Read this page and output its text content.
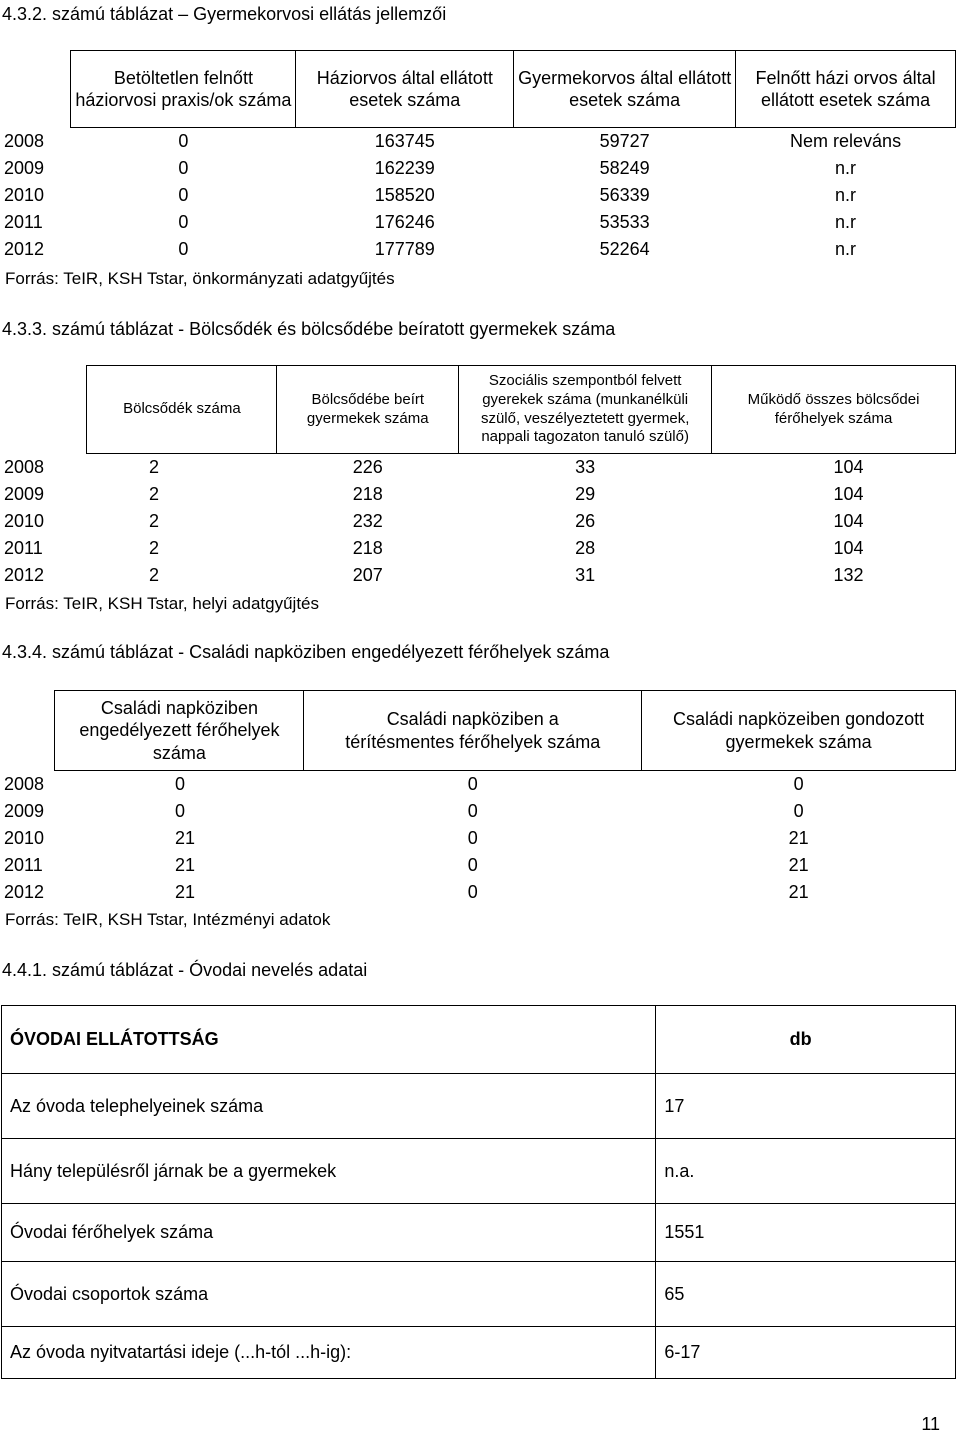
4.3.2. számú táblázat – Gyermekorvosi ellátás jellemzői
	Betöltetlen felnőtt háziorvosi praxis/ok száma	Háziorvos által ellátott esetek száma	Gyermekorvos által ellátott esetek száma	Felnőtt házi orvos által ellátott esetek száma
2008	0	163745	59727	Nem releváns
2009	0	162239	58249	n.r
2010	0	158520	56339	n.r
2011	0	176246	53533	n.r
2012	0	177789	52264	n.r
Forrás: TeIR, KSH Tstar, önkormányzati adatgyűjtés
4.3.3. számú táblázat - Bölcsődék és bölcsődébe beíratott gyermekek száma
	Bölcsődék száma	Bölcsődébe beírt gyermekek száma	Szociális szempontból felvett gyerekek száma (munkanélküli szülő, veszélyeztetett gyermek, nappali tagozaton tanuló szülő)	Működő összes bölcsődei férőhelyek száma
2008	2	226	33	104
2009	2	218	29	104
2010	2	232	26	104
2011	2	218	28	104
2012	2	207	31	132
Forrás: TeIR, KSH Tstar, helyi adatgyűjtés
4.3.4. számú táblázat - Családi napköziben engedélyezett férőhelyek száma
	Családi napköziben engedélyezett férőhelyek száma	Családi napköziben a térítésmentes férőhelyek száma	Családi napközeiben gondozott gyermekek száma
2008	0	0	0
2009	0	0	0
2010	21	0	21
2011	21	0	21
2012	21	0	21
Forrás: TeIR, KSH Tstar, Intézményi adatok
4.4.1. számú táblázat - Óvodai nevelés adatai
ÓVODAI ELLÁTOTTSÁG	db
Az óvoda telephelyeinek száma	17
Hány településről járnak be a gyermekek	n.a.
Óvodai férőhelyek száma	1551
Óvodai csoportok száma	65
Az óvoda nyitvatartási ideje (...h-tól ...h-ig):	6-17
11
